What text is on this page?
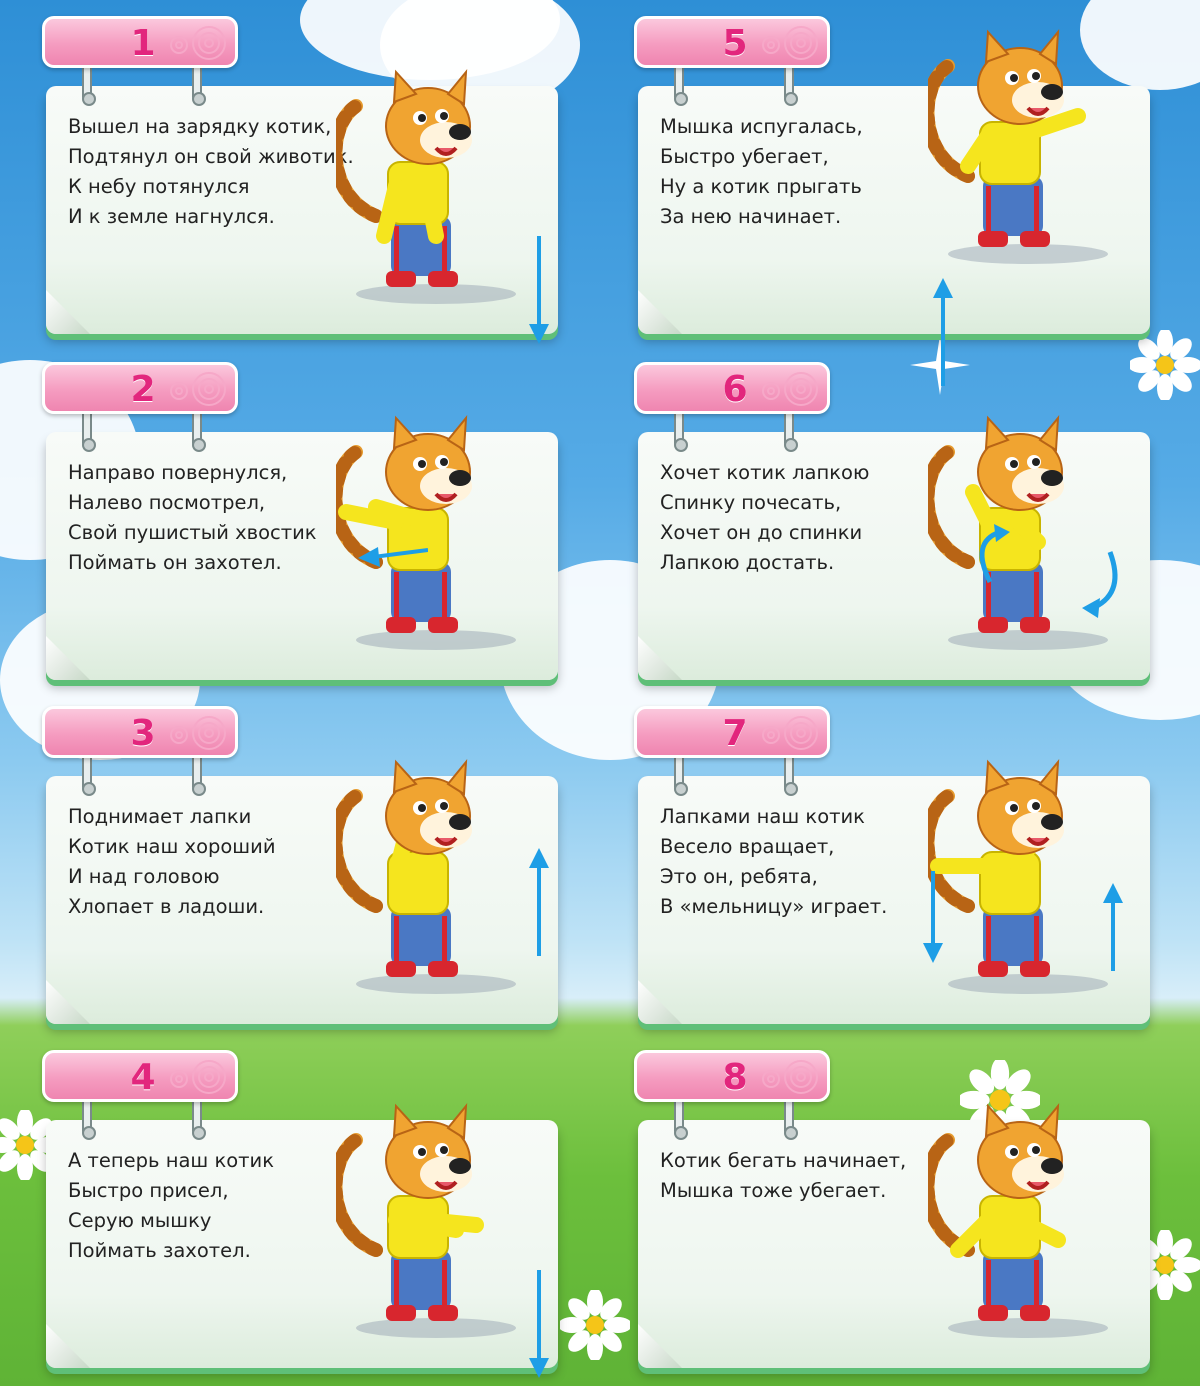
Вышел на зарядку котик,
Подтянул он свой животик.
К небу потянулся
И к земле нагнулся.
1
Направо повернулся,
Налево посмотрел,
Свой пушистый хвостик
Поймать он захотел.
2
Поднимает лапки
Котик наш хороший
И над головою
Хлопает в ладоши.
3
А теперь наш котик
Быстро присел,
Серую мышку
Поймать захотел.
4
Мышка испугалась,
Быстро убегает,
Ну а котик прыгать
За нею начинает.
5
Хочет котик лапкою
Спинку почесать,
Хочет он до спинки
Лапкою достать.
6
Лапками наш котик
Весело вращает,
Это он, ребята,
В «мельницу» играет.
7
Котик бегать начинает,
Мышка тоже убегает.
8
